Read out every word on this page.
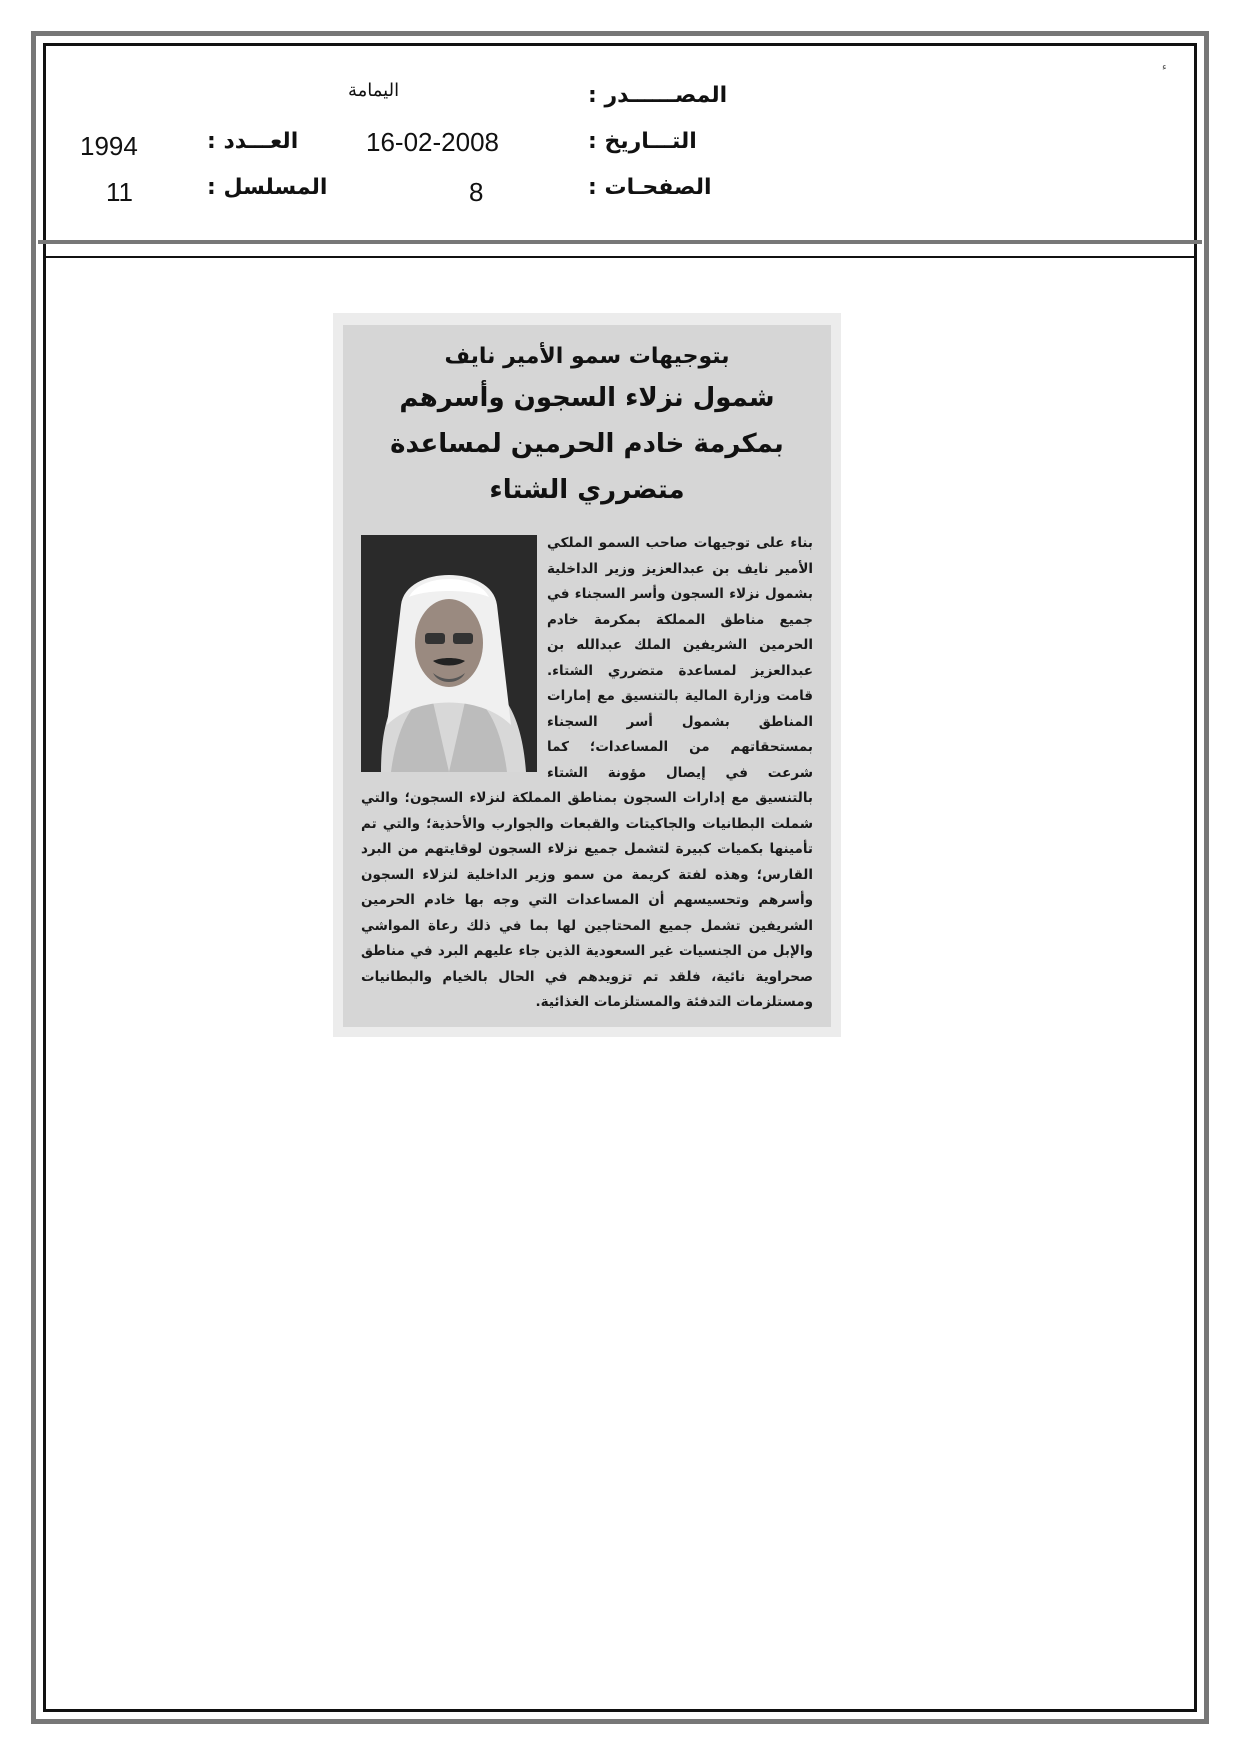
ء
المصــــــدر :
اليمامة
التـــاريخ :
16-02-2008
العـــدد :
1994
الصفحـات :
8
المسلسل :
11
بتوجيهات سمو الأمير نايف
شمول نزلاء السجون وأسرهم بمكرمة خادم الحرمين لمساعدة متضرري الشتاء
بناء على توجيهات صاحب السمو الملكي الأمير نايف بن عبدالعزيز وزير الداخلية بشمول نزلاء السجون وأسر السجناء في جميع مناطق المملكة بمكرمة خادم الحرمين الشريفين الملك عبدالله بن عبدالعزيز لمساعدة متضرري الشتاء. قامت وزارة المالية بالتنسيق مع إمارات المناطق بشمول أسر السجناء بمستحقاتهم من المساعدات؛ كما شرعت في إيصال مؤونة الشتاء بالتنسيق مع إدارات السجون بمناطق المملكة لنزلاء السجون؛ والتي شملت البطانيات والجاكيتات والقبعات والجوارب والأحذية؛ والتي تم تأمينها بكميات كبيرة لتشمل جميع نزلاء السجون لوقايتهم من البرد القارس؛ وهذه لفتة كريمة من سمو وزير الداخلية لنزلاء السجون وأسرهم وتحسيسهم أن المساعدات التي وجه بها خادم الحرمين الشريفين تشمل جميع المحتاجين لها بما في ذلك رعاة المواشي والإبل من الجنسيات غير السعودية الذين جاء عليهم البرد في مناطق صحراوية نائية، فلقد تم تزويدهم في الحال بالخيام والبطانيات ومستلزمات التدفئة والمستلزمات الغذائية.
